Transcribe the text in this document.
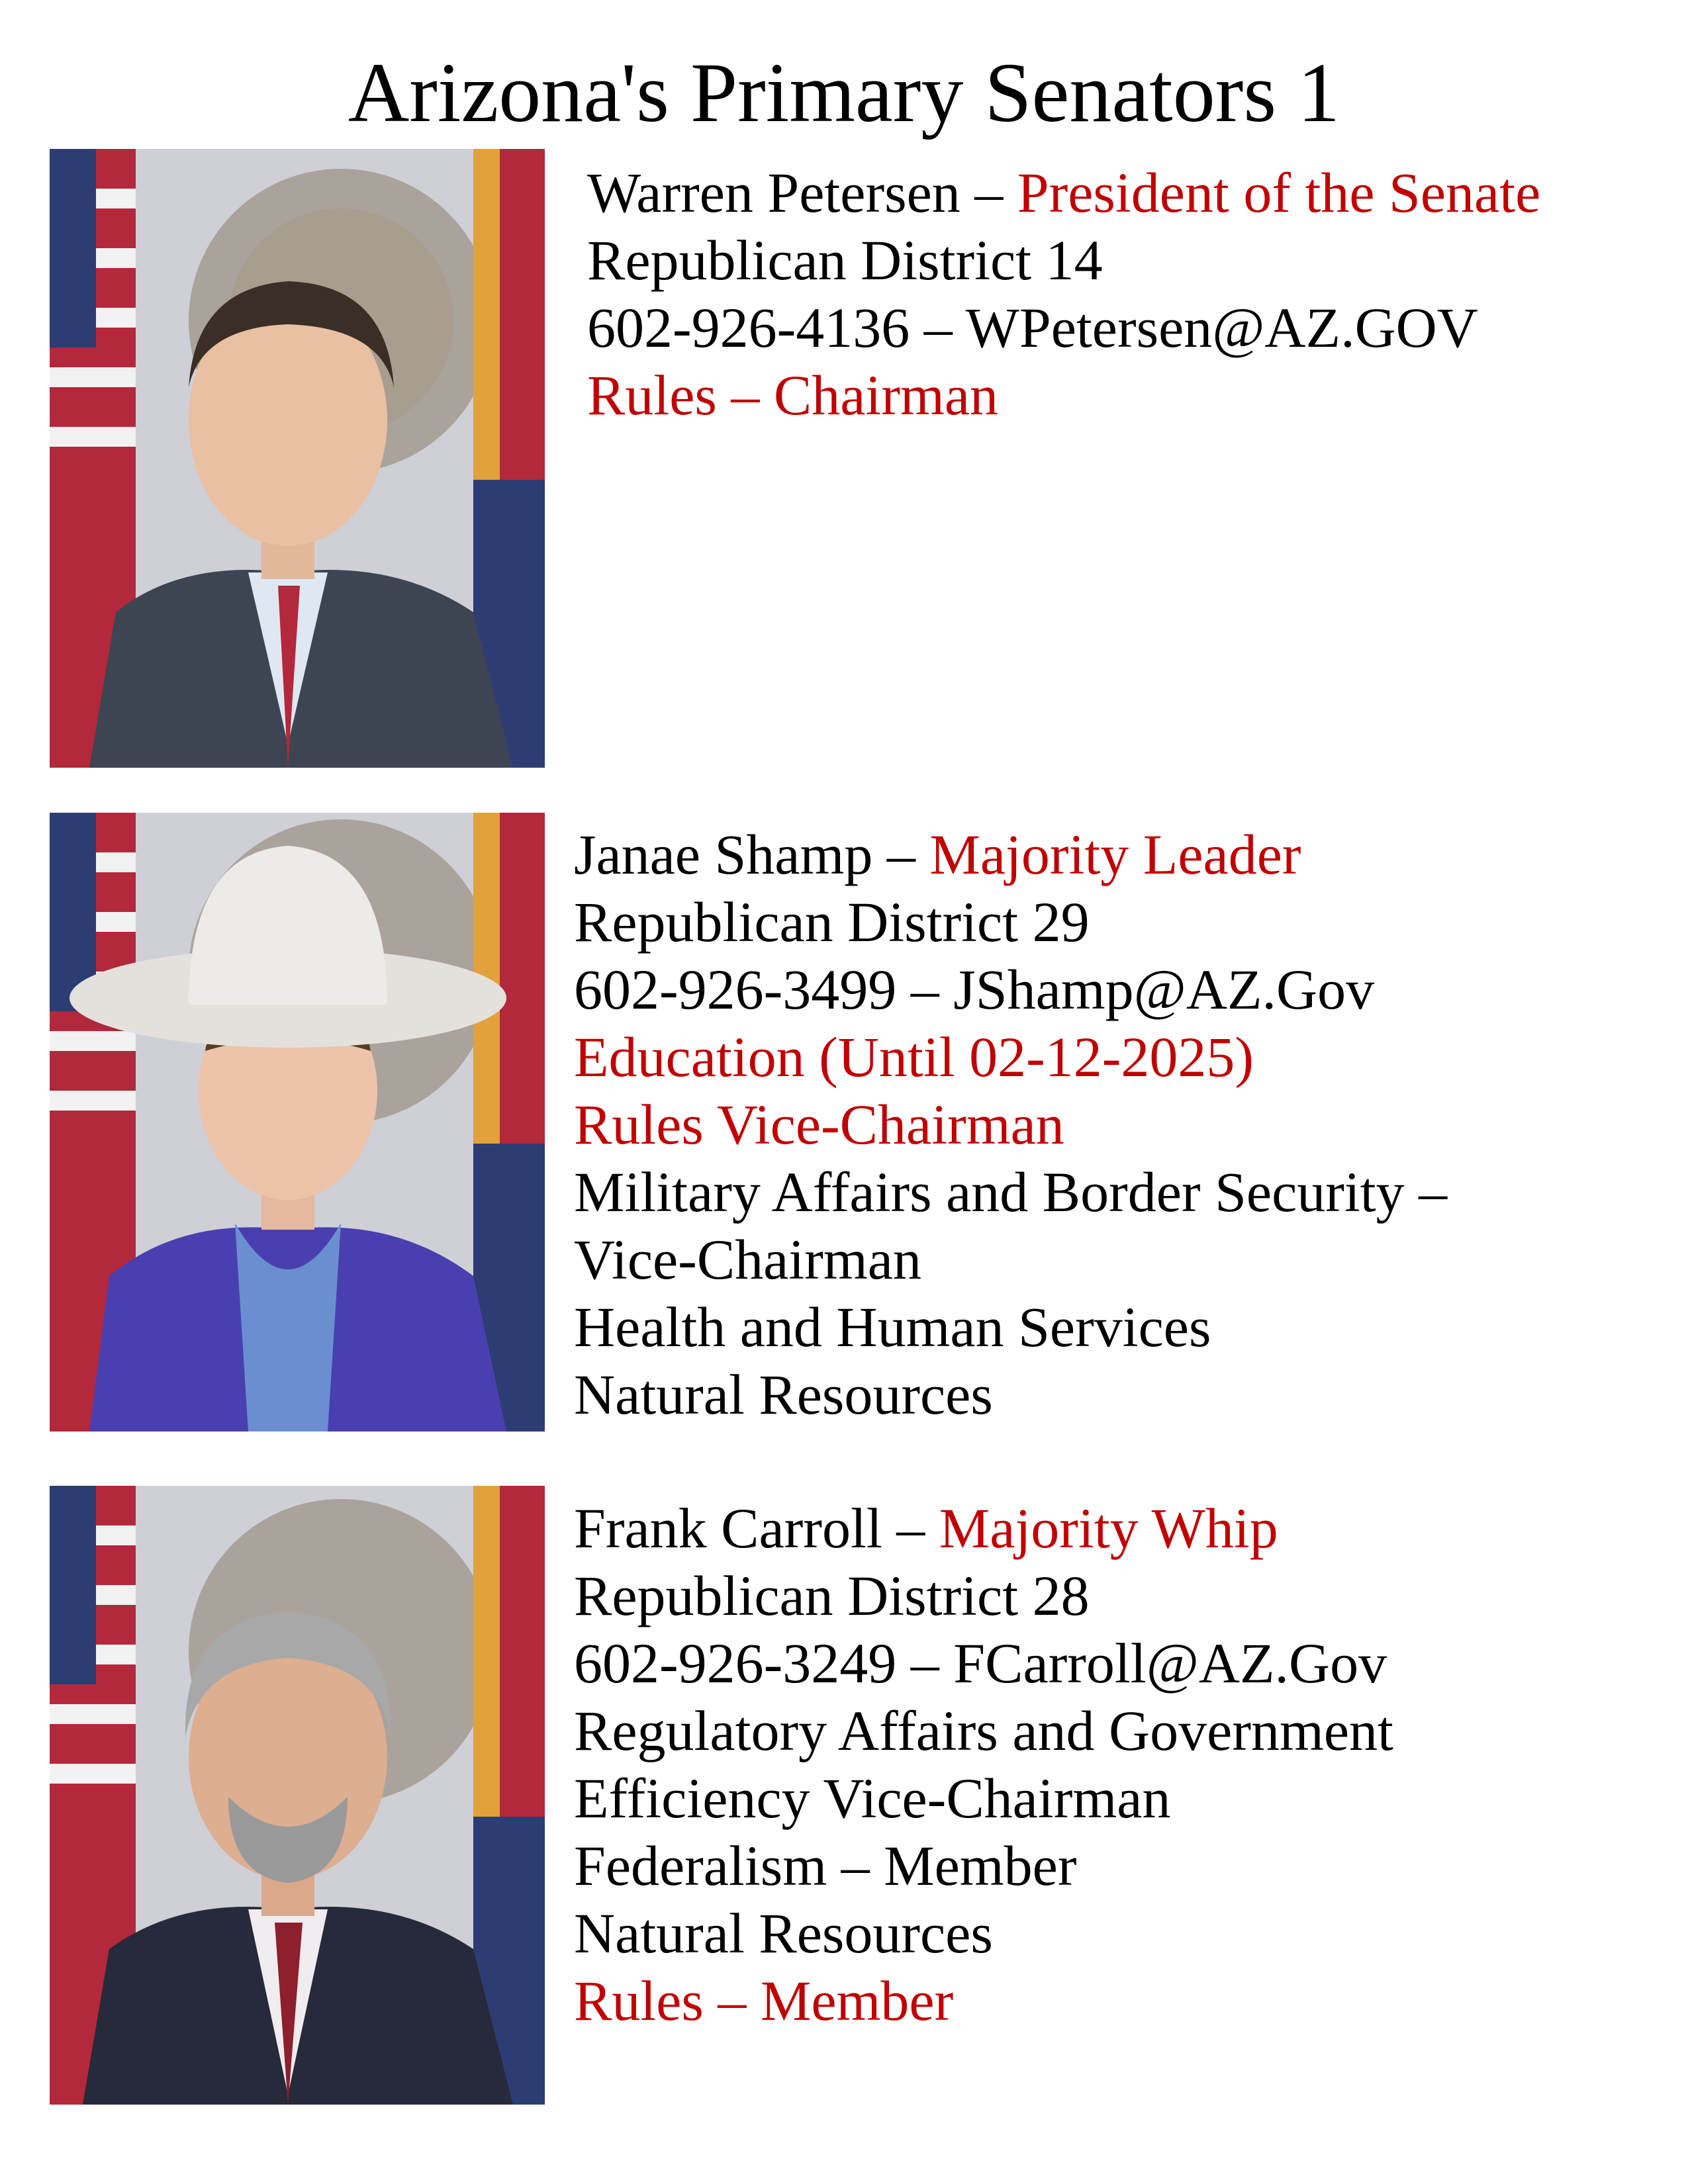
Arizona's Primary Senators 1
Warren Petersen – President of the Senate
Republican District 14
602-926-4136 – WPetersen@AZ.GOV
Rules – Chairman
Janae Shamp – Majority Leader
Republican District 29
602-926-3499 – JShamp@AZ.Gov
Education (Until 02-12-2025)
Rules Vice-Chairman
Military Affairs and Border Security –
Vice-Chairman
Health and Human Services
Natural Resources
Frank Carroll – Majority Whip
Republican District 28
602-926-3249 – FCarroll@AZ.Gov
Regulatory Affairs and Government
Efficiency Vice-Chairman
Federalism – Member
Natural Resources
Rules – Member
